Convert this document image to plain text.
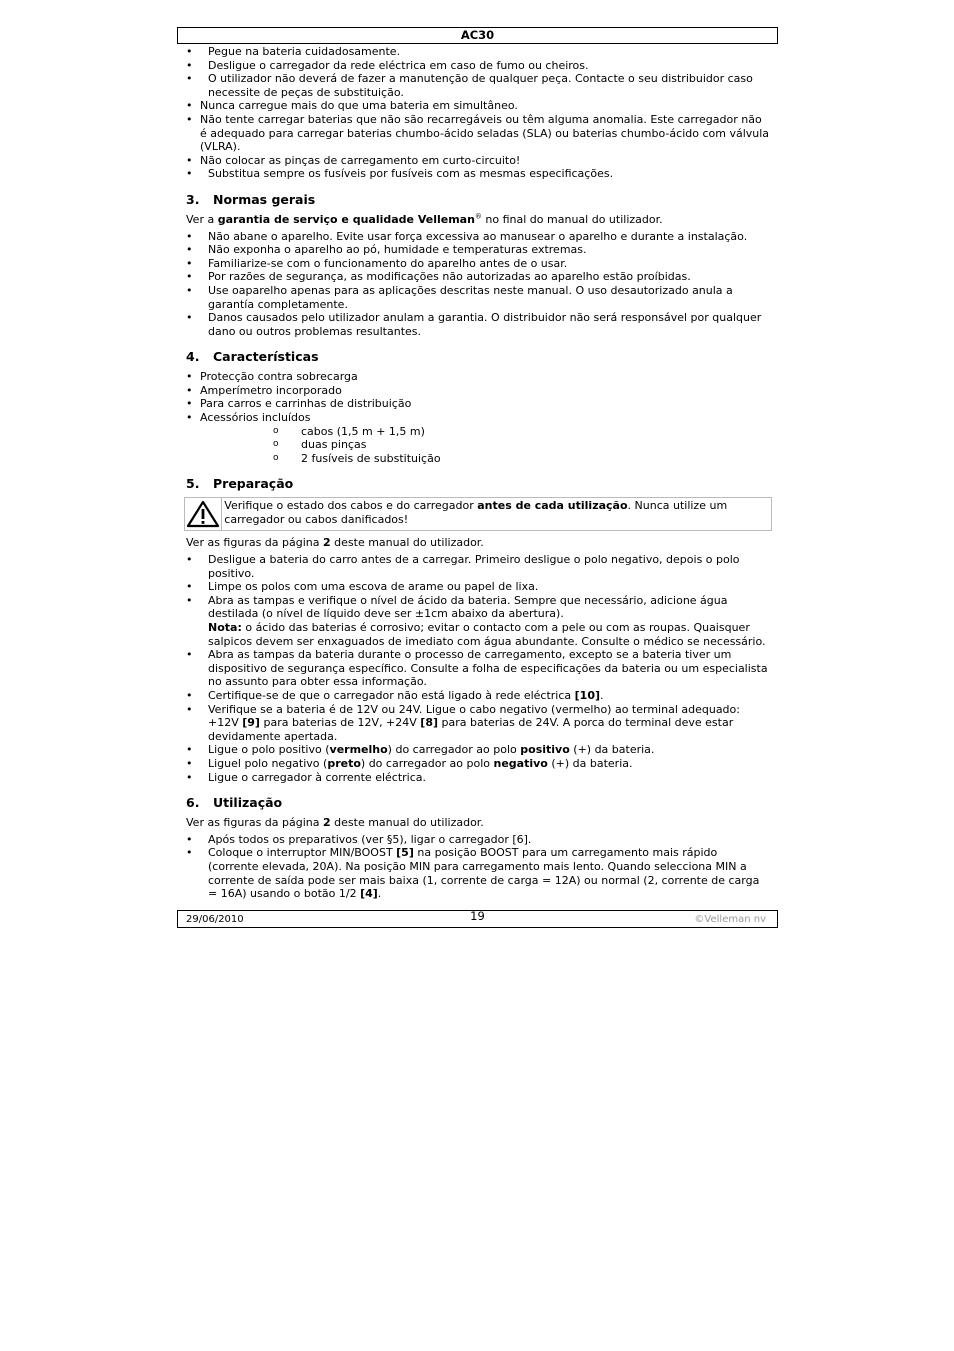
AC30
• Pegue na bateria cuidadosamente.
• Desligue o carregador da rede eléctrica em caso de fumo ou cheiros.
• O utilizador não deverá de fazer a manutenção de qualquer peça. Contacte o seu distribuidor caso necessite de peças de substituição.
• Nunca carregue mais do que uma bateria em simultâneo.
• Não tente carregar baterias que não são recarregáveis ou têm alguma anomalia. Este carregador não é adequado para carregar baterias chumbo-ácido seladas (SLA) ou baterias chumbo-ácido com válvula (VLRA).
• Não colocar as pinças de carregamento em curto-circuito!
• Substitua sempre os fusíveis por fusíveis com as mesmas especificações.
3. Normas gerais

Ver a garantia de serviço e qualidade Velleman® no final do manual do utilizador.

• Não abane o aparelho. Evite usar força excessiva ao manusear o aparelho e durante a instalação.
• Não exponha o aparelho ao pó, humidade e temperaturas extremas.
• Familiarize-se com o funcionamento do aparelho antes de o usar.
• Por razões de segurança, as modificações não autorizadas ao aparelho estão proíbidas.
• Use oaparelho apenas para as aplicações descritas neste manual. O uso desautorizado anula a garantía completamente.
• Danos causados pelo utilizador anulam a garantia. O distribuidor não será responsável por qualquer dano ou outros problemas resultantes.
4. Características
• Protecção contra sobrecarga
• Amperímetro incorporado
• Para carros e carrinhas de distribuição
• Acessórios incluídos
o cabos (1,5 m + 1,5 m)
o duas pinças
o 2 fusíveis de substituição
5. Preparação
Verifique o estado dos cabos e do carregador antes de cada utilização. Nunca utilize um carregador ou cabos danificados!

Ver as figuras da página 2 deste manual do utilizador.

• Desligue a bateria do carro antes de a carregar. Primeiro desligue o polo negativo, depois o polo positivo.
• Limpe os polos com uma escova de arame ou papel de lixa.
• Abra as tampas e verifique o nível de ácido da bateria. Sempre que necessário, adicione água destilada (o nível de líquido deve ser ±1cm abaixo da abertura).
Nota: o ácido das baterias é corrosivo; evitar o contacto com a pele ou com as roupas. Quaisquer salpicos devem ser enxaguados de imediato com água abundante. Consulte o médico se necessário.
• Abra as tampas da bateria durante o processo de carregamento, excepto se a bateria tiver um dispositivo de segurança específico. Consulte a folha de especificações da bateria ou um especialista no assunto para obter essa informação.
• Certifique-se de que o carregador não está ligado à rede eléctrica [10].
• Verifique se a bateria é de 12V ou 24V. Ligue o cabo negativo (vermelho) ao terminal adequado: +12V [9] para baterias de 12V, +24V [8] para baterias de 24V. A porca do terminal deve estar devidamente apertada.
• Ligue o polo positivo (vermelho) do carregador ao polo positivo (+) da bateria.
• Liguel polo negativo (preto) do carregador ao polo negativo (+) da bateria.
• Ligue o carregador à corrente eléctrica.
6. Utilização

Ver as figuras da página 2 deste manual do utilizador.

• Após todos os preparativos (ver §5), ligar o carregador [6].
• Coloque o interruptor MIN/BOOST [5] na posição BOOST para um carregamento mais rápido (corrente elevada, 20A). Na posição MIN para carregamento mais lento. Quando selecciona MIN a corrente de saída pode ser mais baixa (1, corrente de carga = 12A) ou normal (2, corrente de carga = 16A) usando o botão 1/2 [4].
29/06/2010	19	©Velleman nv
